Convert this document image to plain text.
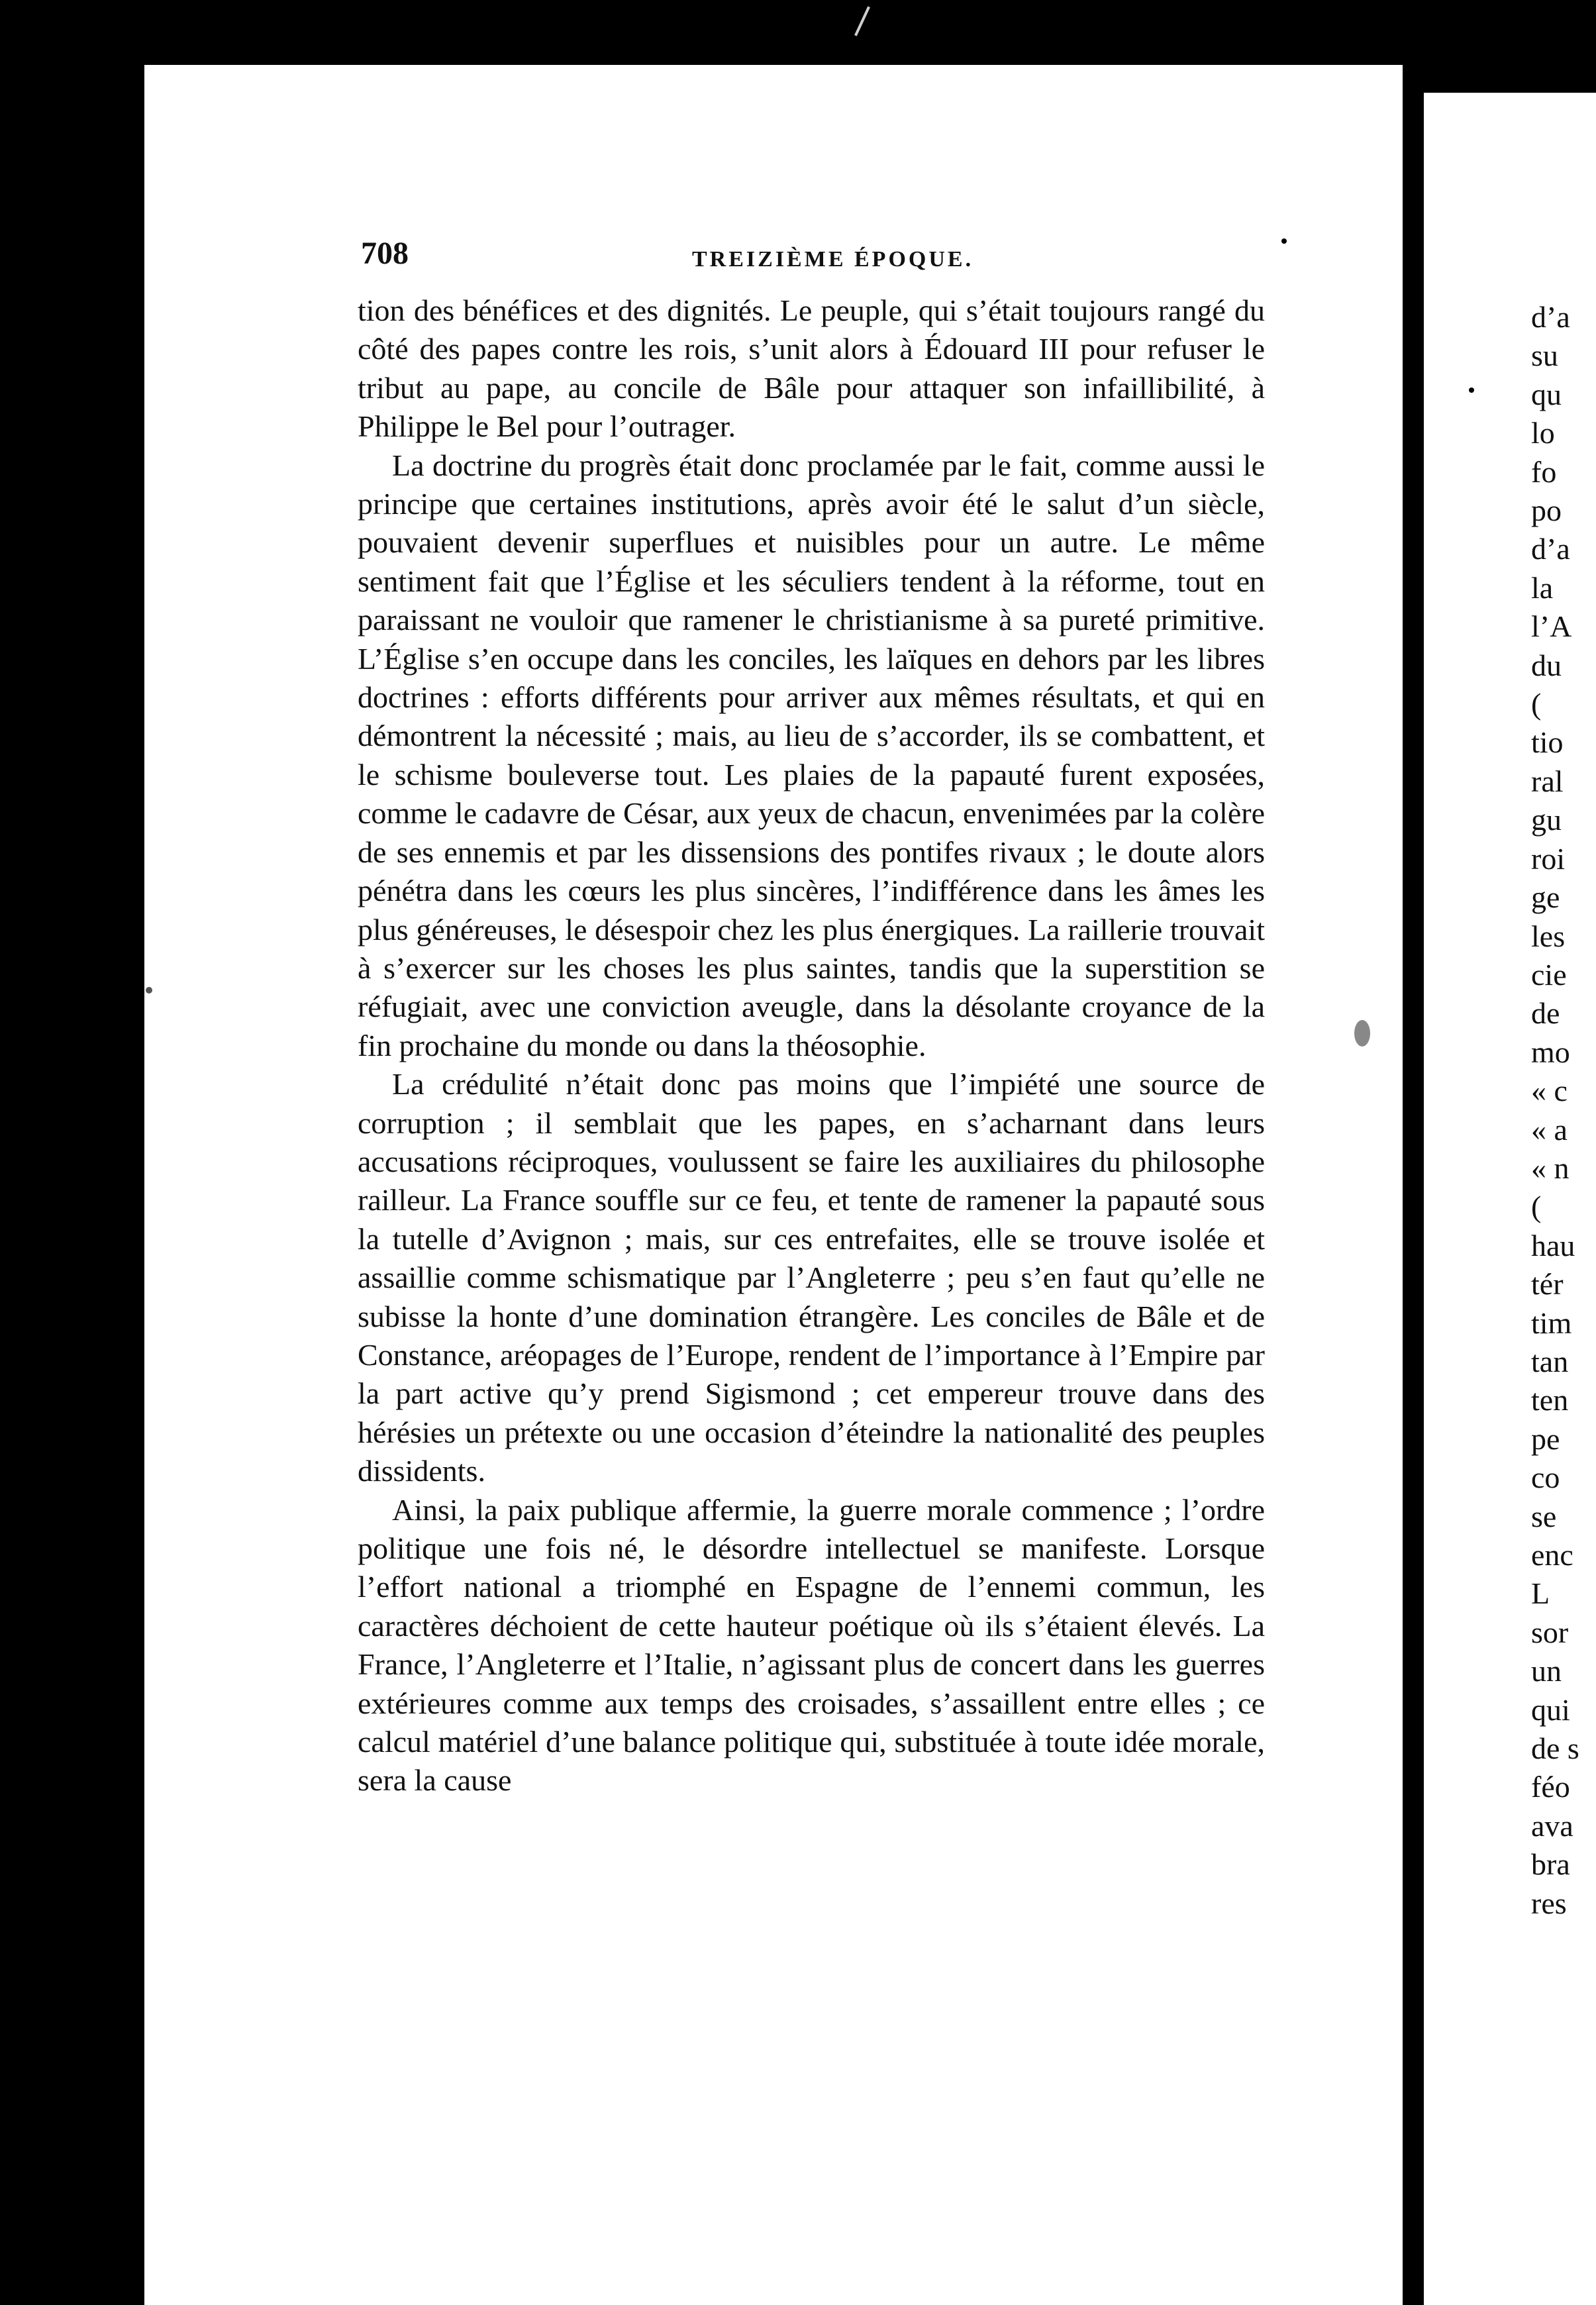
708	TREIZIÈME ÉPOQUE.

tion des bénéfices et des dignités. Le peuple, qui s’était toujours rangé du côté des papes contre les rois, s’unit alors à Édouard III pour refuser le tribut au pape, au concile de Bâle pour attaquer son infaillibilité, à Philippe le Bel pour l’outrager.

La doctrine du progrès était donc proclamée par le fait, comme aussi le principe que certaines institutions, après avoir été le salut d’un siècle, pouvaient devenir superflues et nuisibles pour un autre. Le même sentiment fait que l’Église et les séculiers tendent à la réforme, tout en paraissant ne vouloir que ramener le christianisme à sa pureté primitive. L’Église s’en occupe dans les conciles, les laïques en dehors par les libres doctrines : efforts différents pour arriver aux mêmes résultats, et qui en démontrent la nécessité ; mais, au lieu de s’accorder, ils se combattent, et le schisme bouleverse tout. Les plaies de la papauté furent exposées, comme le cadavre de César, aux yeux de chacun, envenimées par la colère de ses ennemis et par les dissensions des pontifes rivaux ; le doute alors pénétra dans les cœurs les plus sincères, l’indifférence dans les âmes les plus généreuses, le désespoir chez les plus énergiques. La raillerie trouvait à s’exercer sur les choses les plus saintes, tandis que la superstition se réfugiait, avec une conviction aveugle, dans la désolante croyance de la fin prochaine du monde ou dans la théosophie.

La crédulité n’était donc pas moins que l’impiété une source de corruption ; il semblait que les papes, en s’acharnant dans leurs accusations réciproques, voulussent se faire les auxiliaires du philosophe railleur. La France souffle sur ce feu, et tente de ramener la papauté sous la tutelle d’Avignon ; mais, sur ces entrefaites, elle se trouve isolée et assaillie comme schismatique par l’Angleterre ; peu s’en faut qu’elle ne subisse la honte d’une domination étrangère. Les conciles de Bâle et de Constance, aréopages de l’Europe, rendent de l’importance à l’Empire par la part active qu’y prend Sigismond ; cet empereur trouve dans des hérésies un prétexte ou une occasion d’éteindre la nationalité des peuples dissidents.

Ainsi, la paix publique affermie, la guerre morale commence ; l’ordre politique une fois né, le désordre intellectuel se manifeste. Lorsque l’effort national a triomphé en Espagne de l’ennemi commun, les caractères déchoient de cette hauteur poétique où ils s’étaient élevés. La France, l’Angleterre et l’Italie, n’agissant plus de concert dans les guerres extérieures comme aux temps des croisades, s’assaillent entre elles ; ce calcul matériel d’une balance politique qui, substituée à toute idée morale, sera la cause

d’a
su
qu
lo
fo
po
d’a
la
l’A
du
(
tio
ral
gu
roi
ge
les
cie
de
mo
« c
« a
« n
(
hau
tér
tim
tan
ten
pe
co
se
enc
L
sor
un
qui
de s
féo
ava
bra
res
